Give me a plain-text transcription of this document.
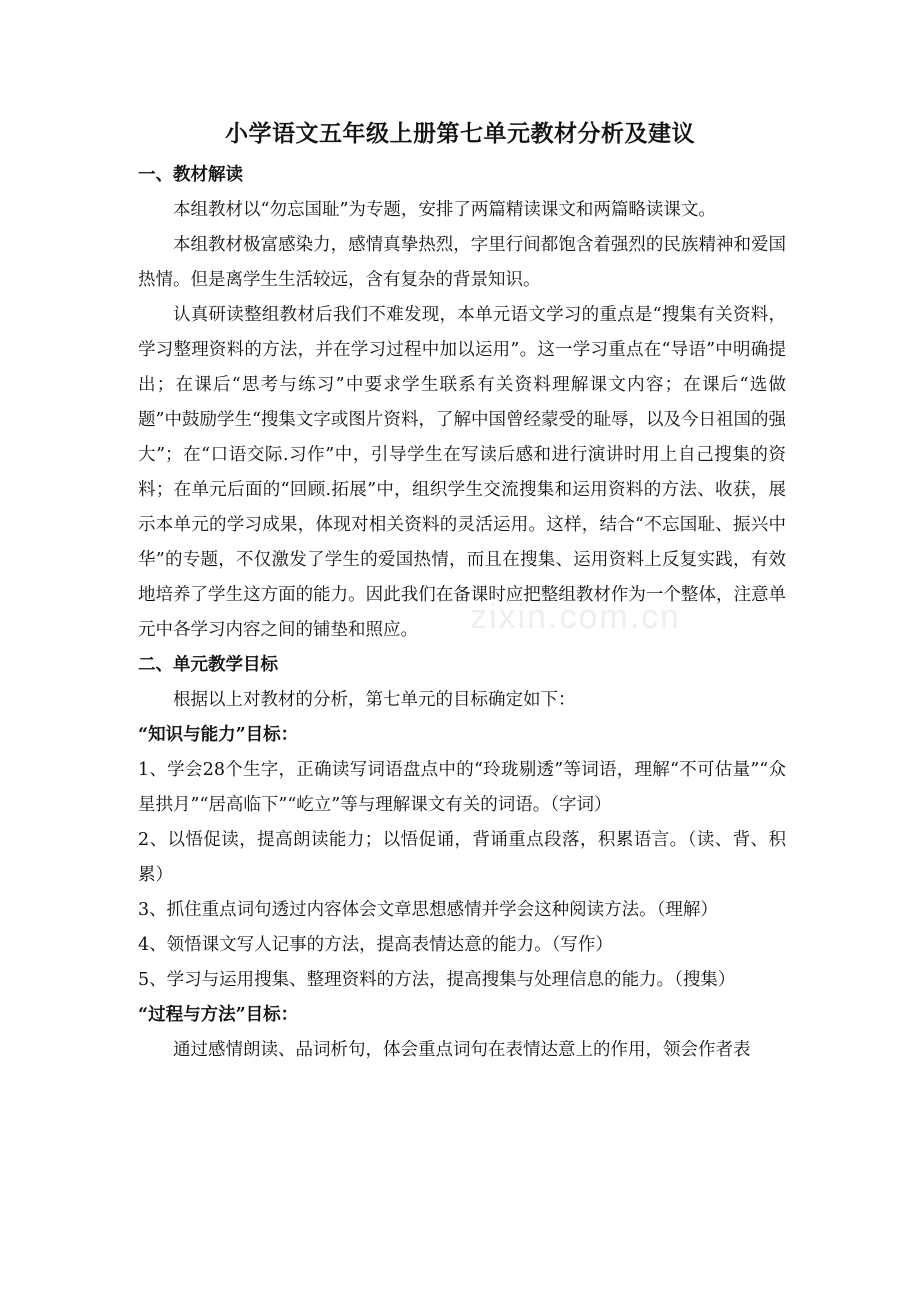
小学语文五年级上册第七单元教材分析及建议
zixin.com.cn

一、教材解读

本组教材以“勿忘国耻”为专题，安排了两篇精读课文和两篇略读课文。

本组教材极富感染力，感情真挚热烈，字里行间都饱含着强烈的民族精神和爱国热情。但是离学生生活较远，含有复杂的背景知识。

认真研读整组教材后我们不难发现，本单元语文学习的重点是“搜集有关资料，学习整理资料的方法，并在学习过程中加以运用”。这一学习重点在“导语”中明确提出；在课后“思考与练习”中要求学生联系有关资料理解课文内容；在课后“选做题”中鼓励学生“搜集文字或图片资料，了解中国曾经蒙受的耻辱，以及今日祖国的强大”；在“口语交际.习作”中，引导学生在写读后感和进行演讲时用上自己搜集的资料；在单元后面的“回顾.拓展”中，组织学生交流搜集和运用资料的方法、收获，展示本单元的学习成果，体现对相关资料的灵活运用。这样，结合“不忘国耻、振兴中华”的专题，不仅激发了学生的爱国热情，而且在搜集、运用资料上反复实践，有效地培养了学生这方面的能力。因此我们在备课时应把整组教材作为一个整体，注意单元中各学习内容之间的铺垫和照应。

二、单元教学目标

根据以上对教材的分析，第七单元的目标确定如下：

“知识与能力”目标：

1、学会28个生字，正确读写词语盘点中的“玲珑剔透”等词语，理解“不可估量”“众星拱月”“居高临下”“屹立”等与理解课文有关的词语。（字词）

2、以悟促读，提高朗读能力；以悟促诵，背诵重点段落，积累语言。（读、背、积累）

3、抓住重点词句透过内容体会文章思想感情并学会这种阅读方法。（理解）

4、领悟课文写人记事的方法，提高表情达意的能力。（写作）

5、学习与运用搜集、整理资料的方法，提高搜集与处理信息的能力。（搜集）

“过程与方法”目标：

通过感情朗读、品词析句，体会重点词句在表情达意上的作用，领会作者表
